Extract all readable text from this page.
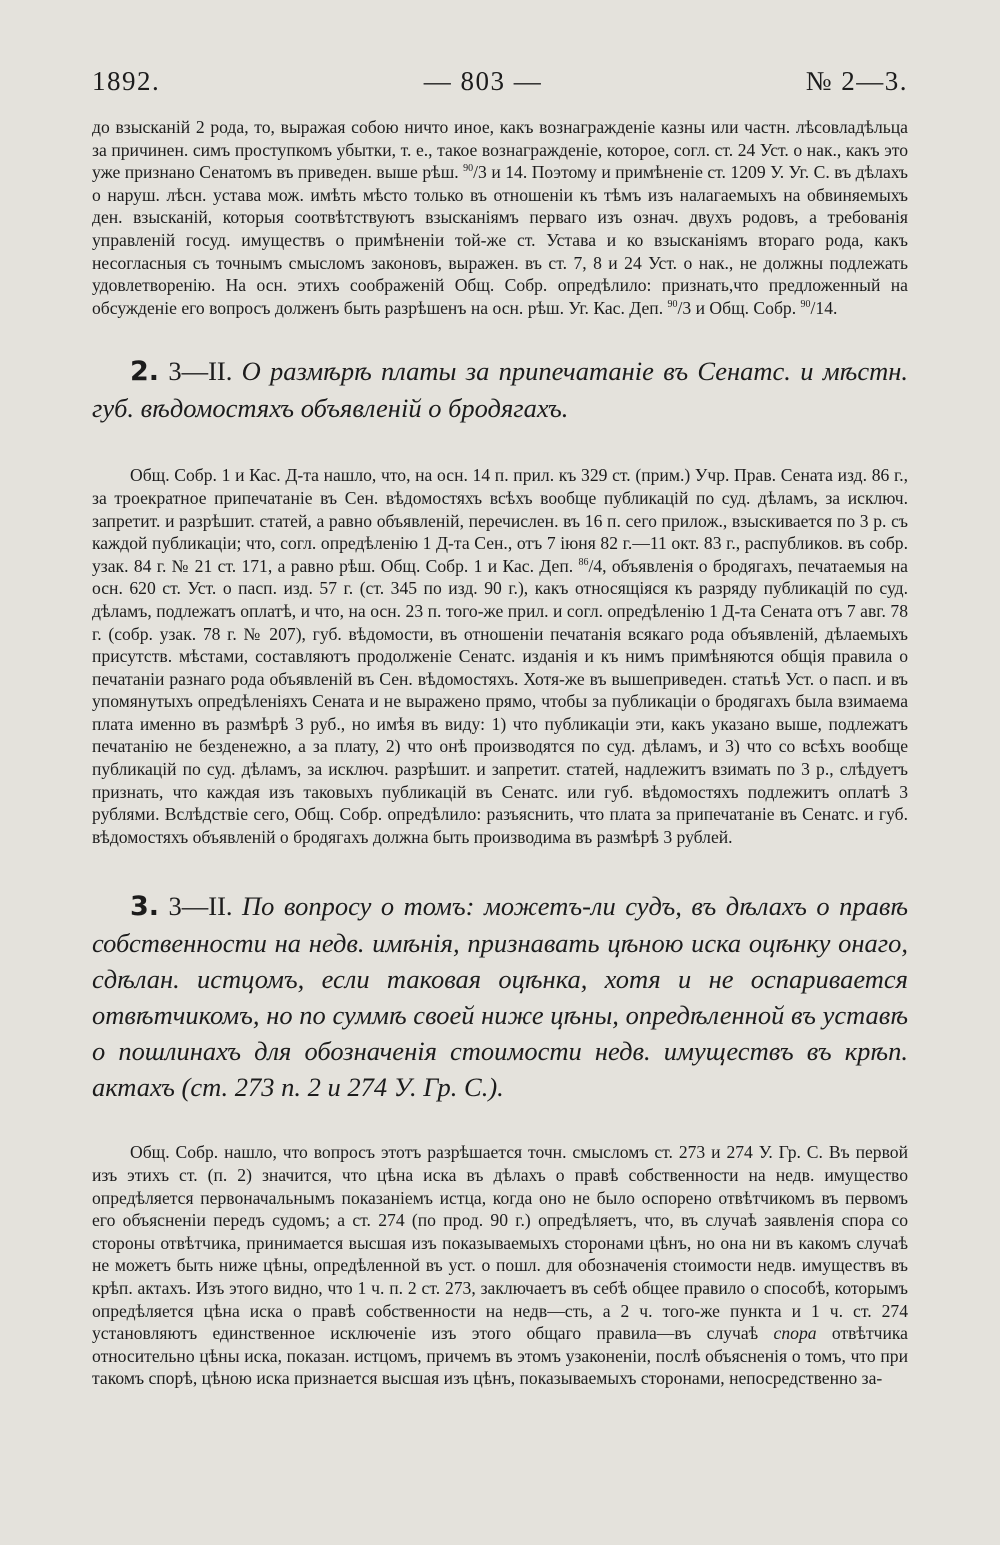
1892.	— 803 —	№ 2—3.

до взысканій 2 рода, то, выражая собою ничто иное, какъ вознагражденіе казны или частн. лѣсовладѣльца за причинен. симъ проступкомъ убытки, т. е., такое вознагражденіе, которое, согл. ст. 24 Уст. о нак., какъ это уже признано Сенатомъ въ приведен. выше рѣш. $^{90}$/3 и 14. Поэтому и примѣненіе ст. 1209 У. Уг. С. въ дѣлахъ о наруш. лѣсн. устава мож. имѣть мѣсто только въ отношеніи къ тѣмъ изъ налагаемыхъ на обвиняемыхъ ден. взысканій, которыя соотвѣтствуютъ взысканіямъ перваго изъ означ. двухъ родовъ, а требованія управленій госуд. имуществъ о примѣненіи той-же ст. Устава и ко взысканіямъ втораго рода, какъ несогласныя съ точнымъ смысломъ законовъ, выражен. въ ст. 7, 8 и 24 Уст. о нак., не должны подлежать удовлетворенію. На осн. этихъ соображеній Общ. Собр. опредѣлило: признать,что предложенный на обсужденіе его вопросъ долженъ быть разрѣшенъ на осн. рѣш. Уг. Кас. Деп. $^{90}$/3 и Общ. Собр. $^{90}$/14.

2. 3—II. О размѣрѣ платы за припечатаніе въ Сенатс. и мѣстн. губ. вѣдомостяхъ объявленій о бродягахъ.

Общ. Собр. 1 и Кас. Д-та нашло, что, на осн. 14 п. прил. къ 329 ст. (прим.) Учр. Прав. Сената изд. 86 г., за троекратное припечатаніе въ Сен. вѣдомостяхъ всѣхъ вообще публикацій по суд. дѣламъ, за исключ. запретит. и разрѣшит. статей, а равно объявленій, перечислен. въ 16 п. сего прилож., взыскивается по 3 р. съ каждой публикаціи; что, согл. опредѣленію 1 Д-та Сен., отъ 7 іюня 82 г.—11 окт. 83 г., распубликов. въ собр. узак. 84 г. № 21 ст. 171, а равно рѣш. Общ. Собр. 1 и Кас. Деп. $^{86}$/4, объявленія о бродягахъ, печатаемыя на осн. 620 ст. Уст. о пасп. изд. 57 г. (ст. 345 по изд. 90 г.), какъ относящіяся къ разряду публикацій по суд. дѣламъ, подлежатъ оплатѣ, и что, на осн. 23 п. того-же прил. и согл. опредѣленію 1 Д-та Сената отъ 7 авг. 78 г. (собр. узак. 78 г. № 207), губ. вѣдомости, въ отношеніи печатанія всякаго рода объявленій, дѣлаемыхъ присутств. мѣстами, составляютъ продолженіе Сенатс. изданія и къ нимъ примѣняются общія правила о печатаніи разнаго рода объявленій въ Сен. вѣдомостяхъ. Хотя-же въ вышеприведен. статьѣ Уст. о пасп. и въ упомянутыхъ опредѣленіяхъ Сената и не выражено прямо, чтобы за публикаціи о бродягахъ была взимаема плата именно въ размѣрѣ 3 руб., но имѣя въ виду: 1) что публикаціи эти, какъ указано выше, подлежатъ печатанію не безденежно, а за плату, 2) что онѣ производятся по суд. дѣламъ, и 3) что со всѣхъ вообще публикацій по суд. дѣламъ, за исключ. разрѣшит. и запретит. статей, надлежитъ взимать по 3 р., слѣдуетъ признать, что каждая изъ таковыхъ публикацій въ Сенатс. или губ. вѣдомостяхъ подлежитъ оплатѣ 3 рублями. Вслѣдствіе сего, Общ. Собр. опредѣлило: разъяснить, что плата за припечатаніе въ Сенатс. и губ. вѣдомостяхъ объявленій о бродягахъ должна быть производима въ размѣрѣ 3 рублей.

3. 3—II. По вопросу о томъ: можетъ-ли судъ, въ дѣлахъ о правѣ собственности на недв. имѣнія, признавать цѣною иска оцѣнку онаго, сдѣлан. истцомъ, если таковая оцѣнка, хотя и не оспаривается отвѣтчикомъ, но по суммѣ своей ниже цѣны, опредѣленной въ уставѣ о пошлинахъ для обозначенія стоимости недв. имуществъ въ крѣп. актахъ (ст. 273 п. 2 и 274 У. Гр. С.).

Общ. Собр. нашло, что вопросъ этотъ разрѣшается точн. смысломъ ст. 273 и 274 У. Гр. С. Въ первой изъ этихъ ст. (п. 2) значится, что цѣна иска въ дѣлахъ о правѣ собственности на недв. имущество опредѣляется первоначальнымъ показаніемъ истца, когда оно не было оспорено отвѣтчикомъ въ первомъ его объясненіи передъ судомъ; а ст. 274 (по прод. 90 г.) опредѣляетъ, что, въ случаѣ заявленія спора со стороны отвѣтчика, принимается высшая изъ показываемыхъ сторонами цѣнъ, но она ни въ какомъ случаѣ не можетъ быть ниже цѣны, опредѣленной въ уст. о пошл. для обозначенія стоимости недв. имуществъ въ крѣп. актахъ. Изъ этого видно, что 1 ч. п. 2 ст. 273, заключаетъ въ себѣ общее правило о способѣ, которымъ опредѣляется цѣна иска о правѣ собственности на недв—сть, а 2 ч. того-же пункта и 1 ч. ст. 274 установляютъ единственное исключеніе изъ этого общаго правила—въ случаѣ спора отвѣтчика относительно цѣны иска, показан. истцомъ, причемъ въ этомъ узаконеніи, послѣ объясненія о томъ, что при такомъ спорѣ, цѣною иска признается высшая изъ цѣнъ, показываемыхъ сторонами, непосредственно за-
